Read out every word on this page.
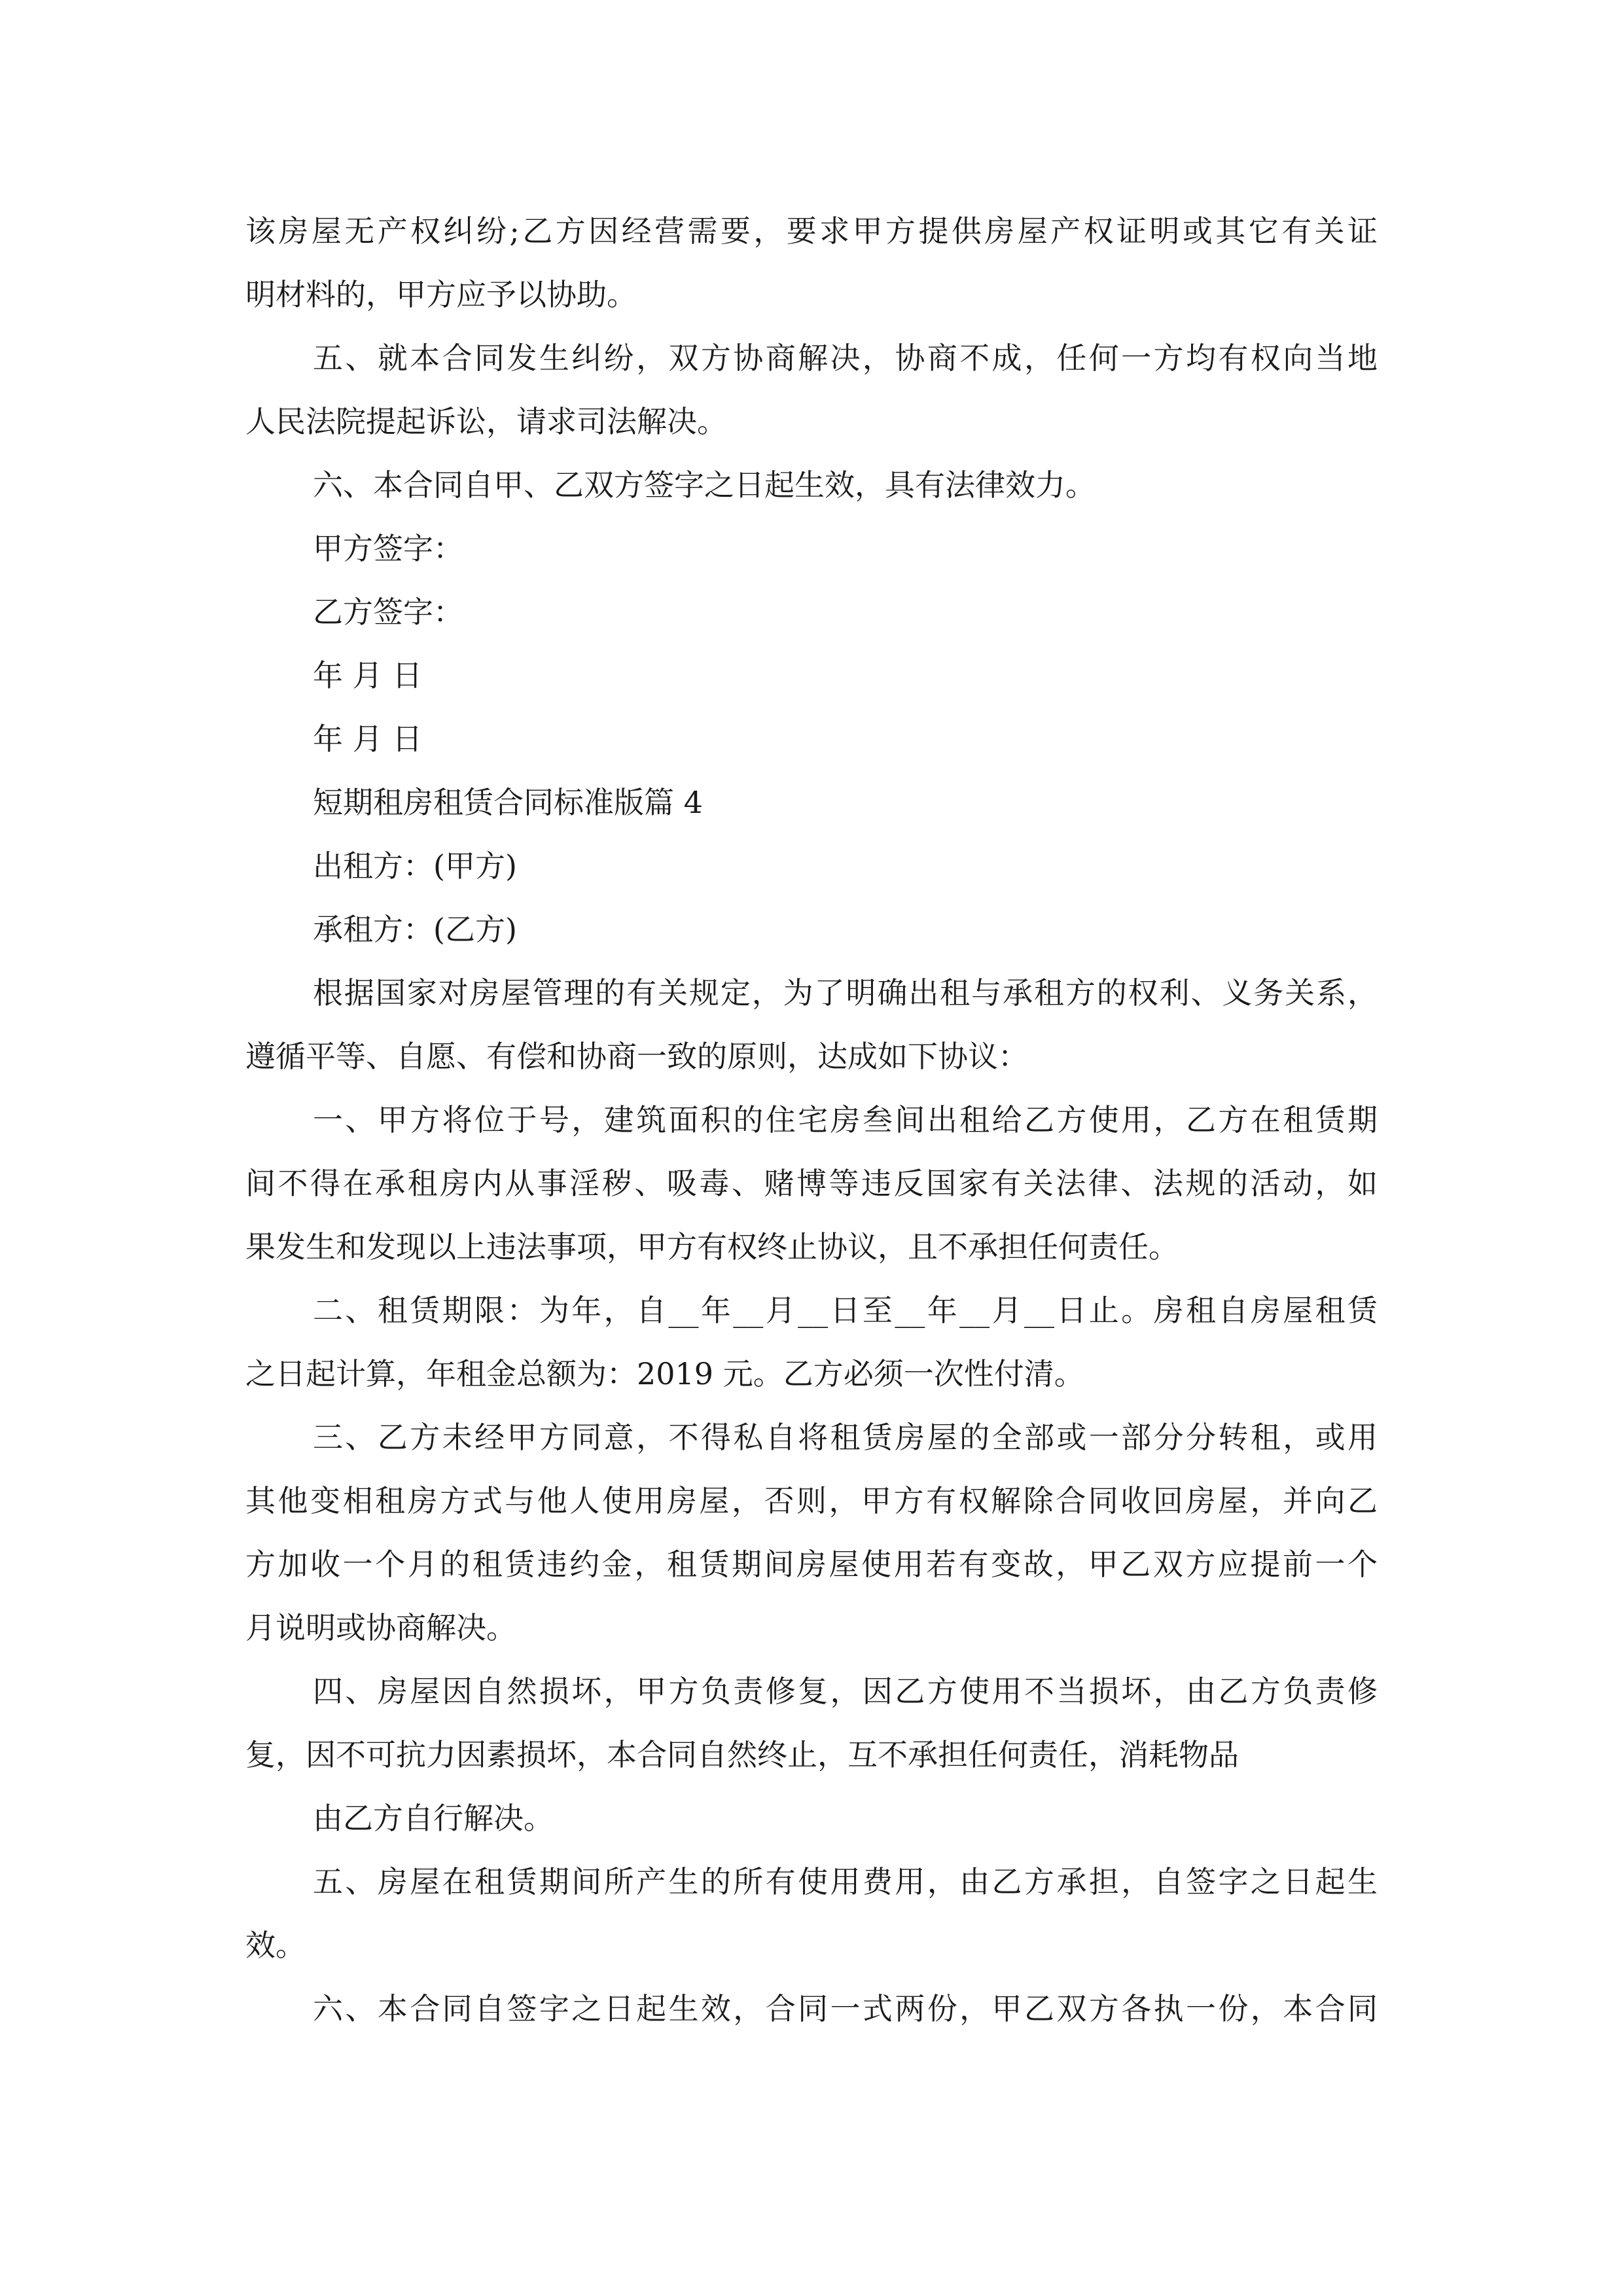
该房屋无产权纠纷;乙方因经营需要，要求甲方提供房屋产权证明或其它有关证
明材料的，甲方应予以协助。
五、就本合同发生纠纷，双方协商解决，协商不成，任何一方均有权向当地
人民法院提起诉讼，请求司法解决。
六、本合同自甲、乙双方签字之日起生效，具有法律效力。
甲方签字：
乙方签字：
年 月 日
年 月 日
短期租房租赁合同标准版篇 4
出租方：(甲方)
承租方：(乙方)
根据国家对房屋管理的有关规定，为了明确出租与承租方的权利、义务关系，
遵循平等、自愿、有偿和协商一致的原则，达成如下协议：
一、甲方将位于号，建筑面积的住宅房叁间出租给乙方使用，乙方在租赁期
间不得在承租房内从事淫秽、吸毒、赌博等违反国家有关法律、法规的活动，如
果发生和发现以上违法事项，甲方有权终止协议，且不承担任何责任。
二、租赁期限：为年，自__年__月__日至__年__月__日止。房租自房屋租赁
之日起计算，年租金总额为：2019 元。乙方必须一次性付清。
三、乙方未经甲方同意，不得私自将租赁房屋的全部或一部分分转租，或用
其他变相租房方式与他人使用房屋，否则，甲方有权解除合同收回房屋，并向乙
方加收一个月的租赁违约金，租赁期间房屋使用若有变故，甲乙双方应提前一个
月说明或协商解决。
四、房屋因自然损坏，甲方负责修复，因乙方使用不当损坏，由乙方负责修
复，因不可抗力因素损坏，本合同自然终止，互不承担任何责任，消耗物品
由乙方自行解决。
五、房屋在租赁期间所产生的所有使用费用，由乙方承担，自签字之日起生
效。
六、本合同自签字之日起生效，合同一式两份，甲乙双方各执一份，本合同
